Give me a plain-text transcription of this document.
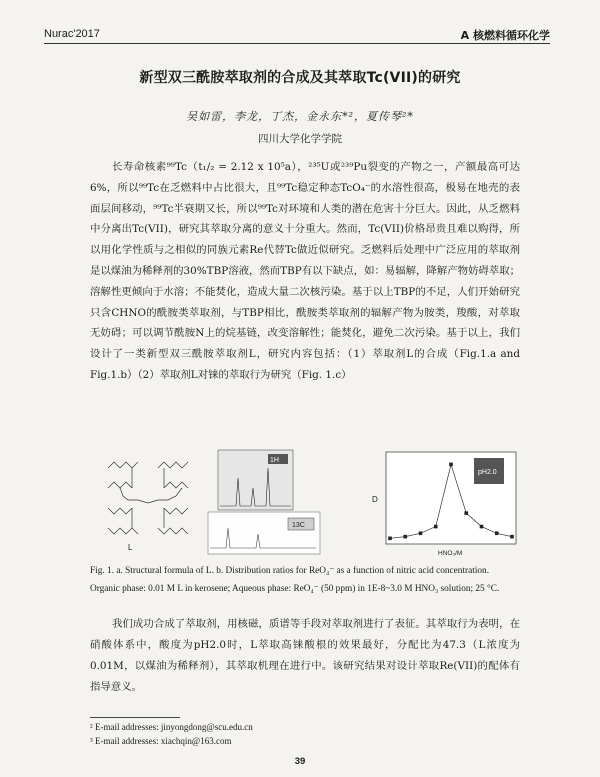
Nurac'2017	A 核燃料循环化学
新型双三酰胺萃取剂的合成及其萃取Tc(VII)的研究
吴如雷，李龙，丁杰，金永东*²，夏传琴²*
四川大学化学学院

长寿命核素⁹⁹Tc（t₁/₂ = 2.12 x 10⁵a），²³⁵U或²³⁹Pu裂变的产物之一，产额最高可达6%，所以⁹⁹Tc在乏燃料中占比很大，且⁹⁹Tc稳定种态TcO₄⁻的水溶性很高，极易在地壳的表面层间移动，⁹⁹Tc半衰期又长，所以⁹⁹Tc对环境和人类的潜在危害十分巨大。因此，从乏燃料中分离出Tc(VII)，研究其萃取分离的意义十分重大。然而，Tc(VII)价格昂贵且难以购得，所以用化学性质与之相似的同族元素Re代替Tc做近似研究。乏燃料后处理中广泛应用的萃取剂是以煤油为稀释剂的30%TBP溶液，然而TBP有以下缺点，如：易辐解，降解产物妨碍萃取；溶解性更倾向于水溶；不能焚化，造成大量二次核污染。基于以上TBP的不足，人们开始研究只含CHNO的酰胺类萃取剂，与TBP相比，酰胺类萃取剂的辐解产物为胺类，羧酸，对萃取无妨碍；可以调节酰胺N上的烷基链，改变溶解性；能焚化，避免二次污染。基于以上，我们设计了一类新型双三酰胺萃取剂L，研究内容包括：（1）萃取剂L的合成（Fig.1.a and Fig.1.b）（2）萃取剂L对铼的萃取行为研究（Fig. 1.c）

L
1H
13C
pH2.0
D
HNO₃/M
Fig. 1. a. Structural formula of L. b. Distribution ratios for ReO₄⁻ as a function of nitric acid concentration. Organic phase: 0.01 M L in kerosene; Aqueous phase: ReO₄⁻ (50 ppm) in 1E-8~3.0 M HNO₃ solution; 25 °C.

我们成功合成了萃取剂，用核磁，质谱等手段对萃取剂进行了表征。其萃取行为表明，在硝酸体系中，酸度为pH2.0时，L萃取高铼酸根的效果最好，分配比为47.3（L浓度为0.01M，以煤油为稀释剂），其萃取机理在进行中。该研究结果对设计萃取Re(VII)的配体有指导意义。

² E-mail addresses: jinyongdong@scu.edu.cn
³ E-mail addresses: xiachqin@163.com
39
